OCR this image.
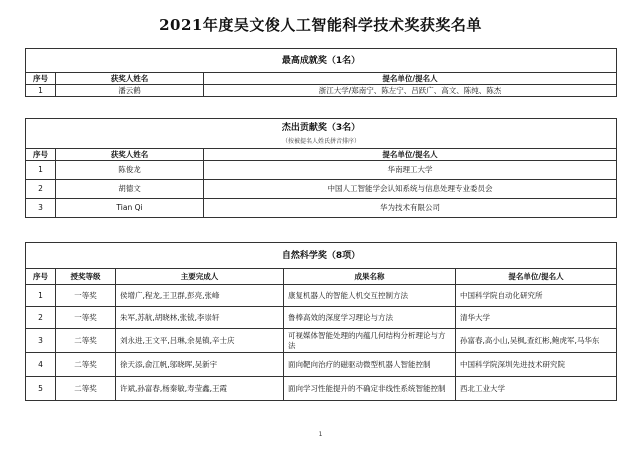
2021年度吴文俊人工智能科学技术奖获奖名单
最高成就奖（1名）		
序号	获奖人姓名	提名单位/提名人
1	潘云鹤	浙江大学/郑南宁、陈左宁、吕跃广、高文、陈纯、陈杰
杰出贡献奖（3名）		
（按被提名人姓氏拼音排序）		
序号	获奖人姓名	提名单位/提名人
1	陈俊龙	华南理工大学
2	胡德文	中国人工智能学会认知系统与信息处理专业委员会
3	Tian Qi	华为技术有限公司
自然科学奖（8项）				
序号	授奖等级	主要完成人	成果名称	提名单位/提名人
1	一等奖	侯增广,程龙,王卫群,彭亮,张峰	康复机器人的智能人机交互控制方法	中国科学院自动化研究所
2	一等奖	朱军,苏航,胡晓林,张钹,李崇轩	鲁棒高效的深度学习理论与方法	清华大学
3	二等奖	刘永进,王文平,吕琳,余晃镇,辛士庆	可视媒体智能处理的内蕴几何结构分析理论与方法	孙富春,高小山,吴枫,查红彬,鲍虎军,马华东
4	二等奖	徐天添,俞江帆,邬晓晖,吴新宇	面向靶向治疗的磁驱动微型机器人智能控制	中国科学院深圳先进技术研究院
5	二等奖	许斌,孙富春,杨秦敏,寿莹鑫,王霞	面向学习性能提升的不确定非线性系统智能控制	西北工业大学
1
